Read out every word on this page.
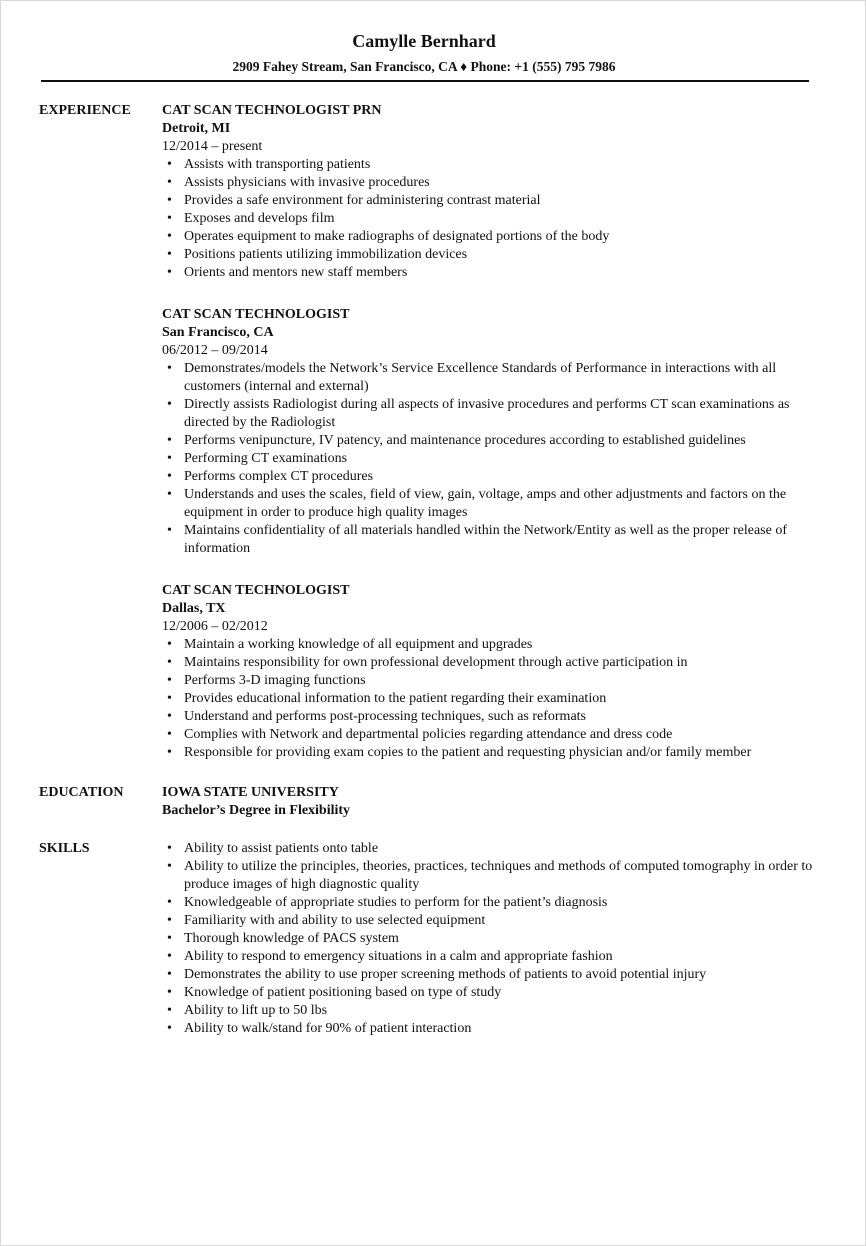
Camylle Bernhard
2909 Fahey Stream, San Francisco, CA ♦ Phone: +1 (555) 795 7986
EXPERIENCE	CAT SCAN TECHNOLOGIST PRN
Detroit, MI
12/2014 – present
• Assists with transporting patients
• Assists physicians with invasive procedures
• Provides a safe environment for administering contrast material
• Exposes and develops film
• Operates equipment to make radiographs of designated portions of the body
• Positions patients utilizing immobilization devices
• Orients and mentors new staff members
CAT SCAN TECHNOLOGIST
San Francisco, CA
06/2012 – 09/2014
• Demonstrates/models the Network’s Service Excellence Standards of Performance in interactions with all customers (internal and external)
• Directly assists Radiologist during all aspects of invasive procedures and performs CT scan examinations as directed by the Radiologist
• Performs venipuncture, IV patency, and maintenance procedures according to established guidelines
• Performing CT examinations
• Performs complex CT procedures
• Understands and uses the scales, field of view, gain, voltage, amps and other adjustments and factors on the equipment in order to produce high quality images
• Maintains confidentiality of all materials handled within the Network/Entity as well as the proper release of information
CAT SCAN TECHNOLOGIST
Dallas, TX
12/2006 – 02/2012
• Maintain a working knowledge of all equipment and upgrades
• Maintains responsibility for own professional development through active participation in
• Performs 3-D imaging functions
• Provides educational information to the patient regarding their examination
• Understand and performs post-processing techniques, such as reformats
• Complies with Network and departmental policies regarding attendance and dress code
• Responsible for providing exam copies to the patient and requesting physician and/or family member
EDUCATION	IOWA STATE UNIVERSITY
Bachelor’s Degree in Flexibility
SKILLS
•	Ability to assist patients onto table
• Ability to utilize the principles, theories, practices, techniques and methods of computed tomography in order to produce images of high diagnostic quality
• Knowledgeable of appropriate studies to perform for the patient’s diagnosis
• Familiarity with and ability to use selected equipment
• Thorough knowledge of PACS system
• Ability to respond to emergency situations in a calm and appropriate fashion
• Demonstrates the ability to use proper screening methods of patients to avoid potential injury
• Knowledge of patient positioning based on type of study
• Ability to lift up to 50 lbs
• Ability to walk/stand for 90% of patient interaction
